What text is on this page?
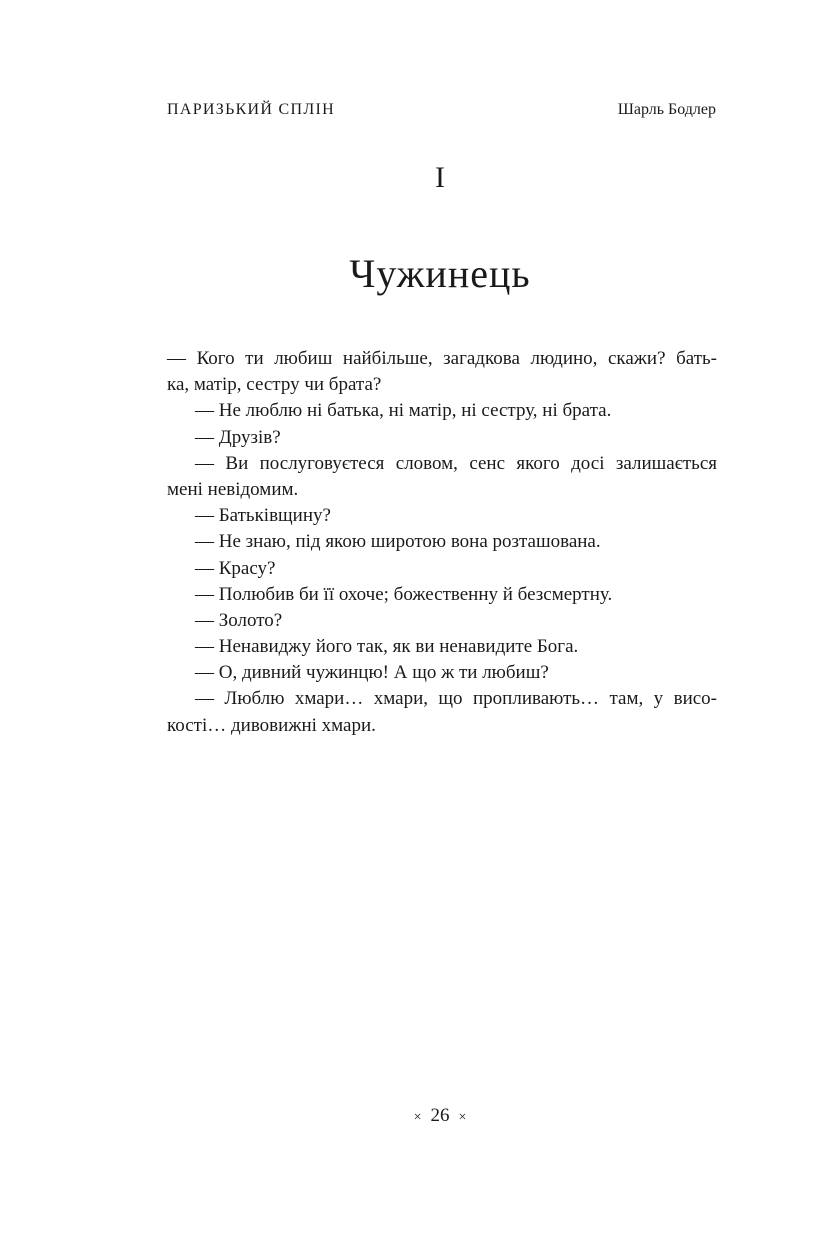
ПАРИЗЬКИЙ СПЛІН	Шарль Бодлер
I
Чужинець
— Кого ти любиш найбільше, загадкова людино, скажи? бать-
ка, матір, сестру чи брата?
— Не люблю ні батька, ні матір, ні сестру, ні брата.
— Друзів?
— Ви послуговуєтеся словом, сенс якого досі залишається
мені невідомим.
— Батьківщину?
— Не знаю, під якою широтою вона розташована.
— Красу?
— Полюбив би її охоче; божественну й безсмертну.
— Золото?
— Ненавиджу його так, як ви ненавидите Бога.
— О, дивний чужинцю! А що ж ти любиш?
— Люблю хмари… хмари, що пропливають… там, у висо-
кості… дивовижні хмари.
× 26 ×
